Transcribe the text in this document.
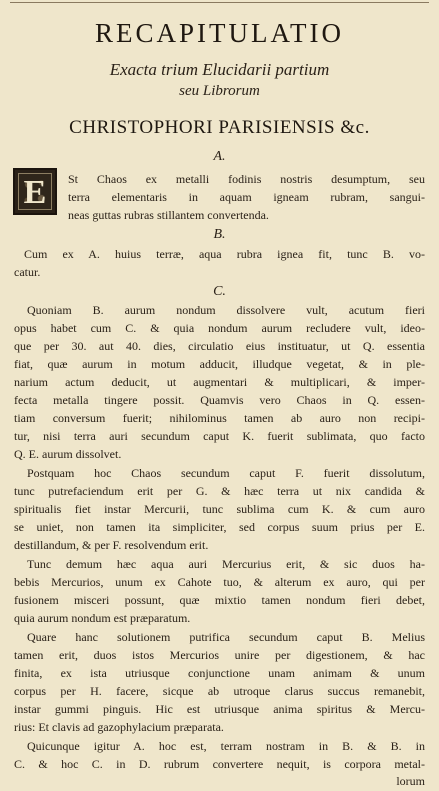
RECAPITULATIO
Exacta trium Elucidarii partium
seu Librorum
CHRISTOPHORI PARISIENSIS &c.
A.
E	St Chaos ex metalli fodinis nostris desumptum, seu
terra elementaris in aquam igneam rubram, sangui-
neas guttas rubras stillantem convertenda.
B.
Cum ex A. huius terræ, aqua rubra ignea fit, tunc B. vo-
catur.
C.
Quoniam B. aurum nondum dissolvere vult, acutum fieri
opus habet cum C. & quia nondum aurum recludere vult, ideo-
que per 30. aut 40. dies, circulatio eius instituatur, ut Q. essentia
fiat, quæ aurum in motum adducit, illudque vegetat, & in ple-
narium actum deducit, ut augmentari & multiplicari, & imper-
fecta metalla tingere possit. Quamvis vero Chaos in Q. essen-
tiam conversum fuerit; nihilominus tamen ab auro non recipi-
tur, nisi terra auri secundum caput K. fuerit sublimata, quo facto
Q. E. aurum dissolvet.
Postquam hoc Chaos secundum caput F. fuerit dissolutum,
tunc putrefaciendum erit per G. & hæc terra ut nix candida &
spiritualis fiet instar Mercurii, tunc sublima cum K. & cum auro
se uniet, non tamen ita simpliciter, sed corpus suum prius per E.
destillandum, & per F. resolvendum erit.
Tunc demum hæc aqua auri Mercurius erit, & sic duos ha-
bebis Mercurios, unum ex Cahote tuo, & alterum ex auro, qui per
fusionem misceri possunt, quæ mixtio tamen nondum fieri debet,
quia aurum nondum est præparatum.
Quare hanc solutionem putrifica secundum caput B. Melius
tamen erit, duos istos Mercurios unire per digestionem, & hac
finita, ex ista utriusque conjunctione unam animam & unum
corpus per H. facere, sicque ab utroque clarus succus remanebit,
instar gummi pinguis. Hic est utriusque anima spiritus & Mercu-
rius: Et clavis ad gazophylacium præparata.
Quicunque igitur A. hoc est, terram nostram in B. & B. in
C. & hoc C. in D. rubrum convertere nequit, is corpora metal-
lorum
